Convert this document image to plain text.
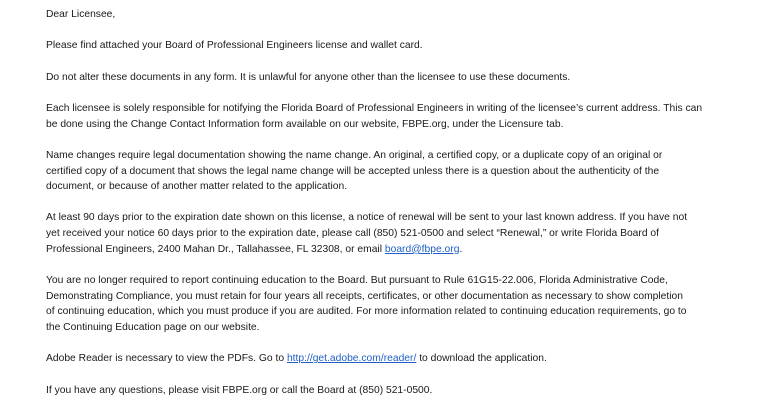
Dear Licensee,
Please find attached your Board of Professional Engineers license and wallet card.
Do not alter these documents in any form. It is unlawful for anyone other than the licensee to use these documents.
Each licensee is solely responsible for notifying the Florida Board of Professional Engineers in writing of the licensee’s current address. This can
be done using the Change Contact Information form available on our website, FBPE.org, under the Licensure tab.
Name changes require legal documentation showing the name change. An original, a certified copy, or a duplicate copy of an original or
certified copy of a document that shows the legal name change will be accepted unless there is a question about the authenticity of the
document, or because of another matter related to the application.
At least 90 days prior to the expiration date shown on this license, a notice of renewal will be sent to your last known address. If you have not
yet received your notice 60 days prior to the expiration date, please call (850) 521-0500 and select “Renewal,” or write Florida Board of
Professional Engineers, 2400 Mahan Dr., Tallahassee, FL 32308, or email board@fbpe.org.
You are no longer required to report continuing education to the Board. But pursuant to Rule 61G15-22.006, Florida Administrative Code,
Demonstrating Compliance, you must retain for four years all receipts, certificates, or other documentation as necessary to show completion
of continuing education, which you must produce if you are audited. For more information related to continuing education requirements, go to
the Continuing Education page on our website.
Adobe Reader is necessary to view the PDFs. Go to http://get.adobe.com/reader/ to download the application.
If you have any questions, please visit FBPE.org or call the Board at (850) 521-0500.
